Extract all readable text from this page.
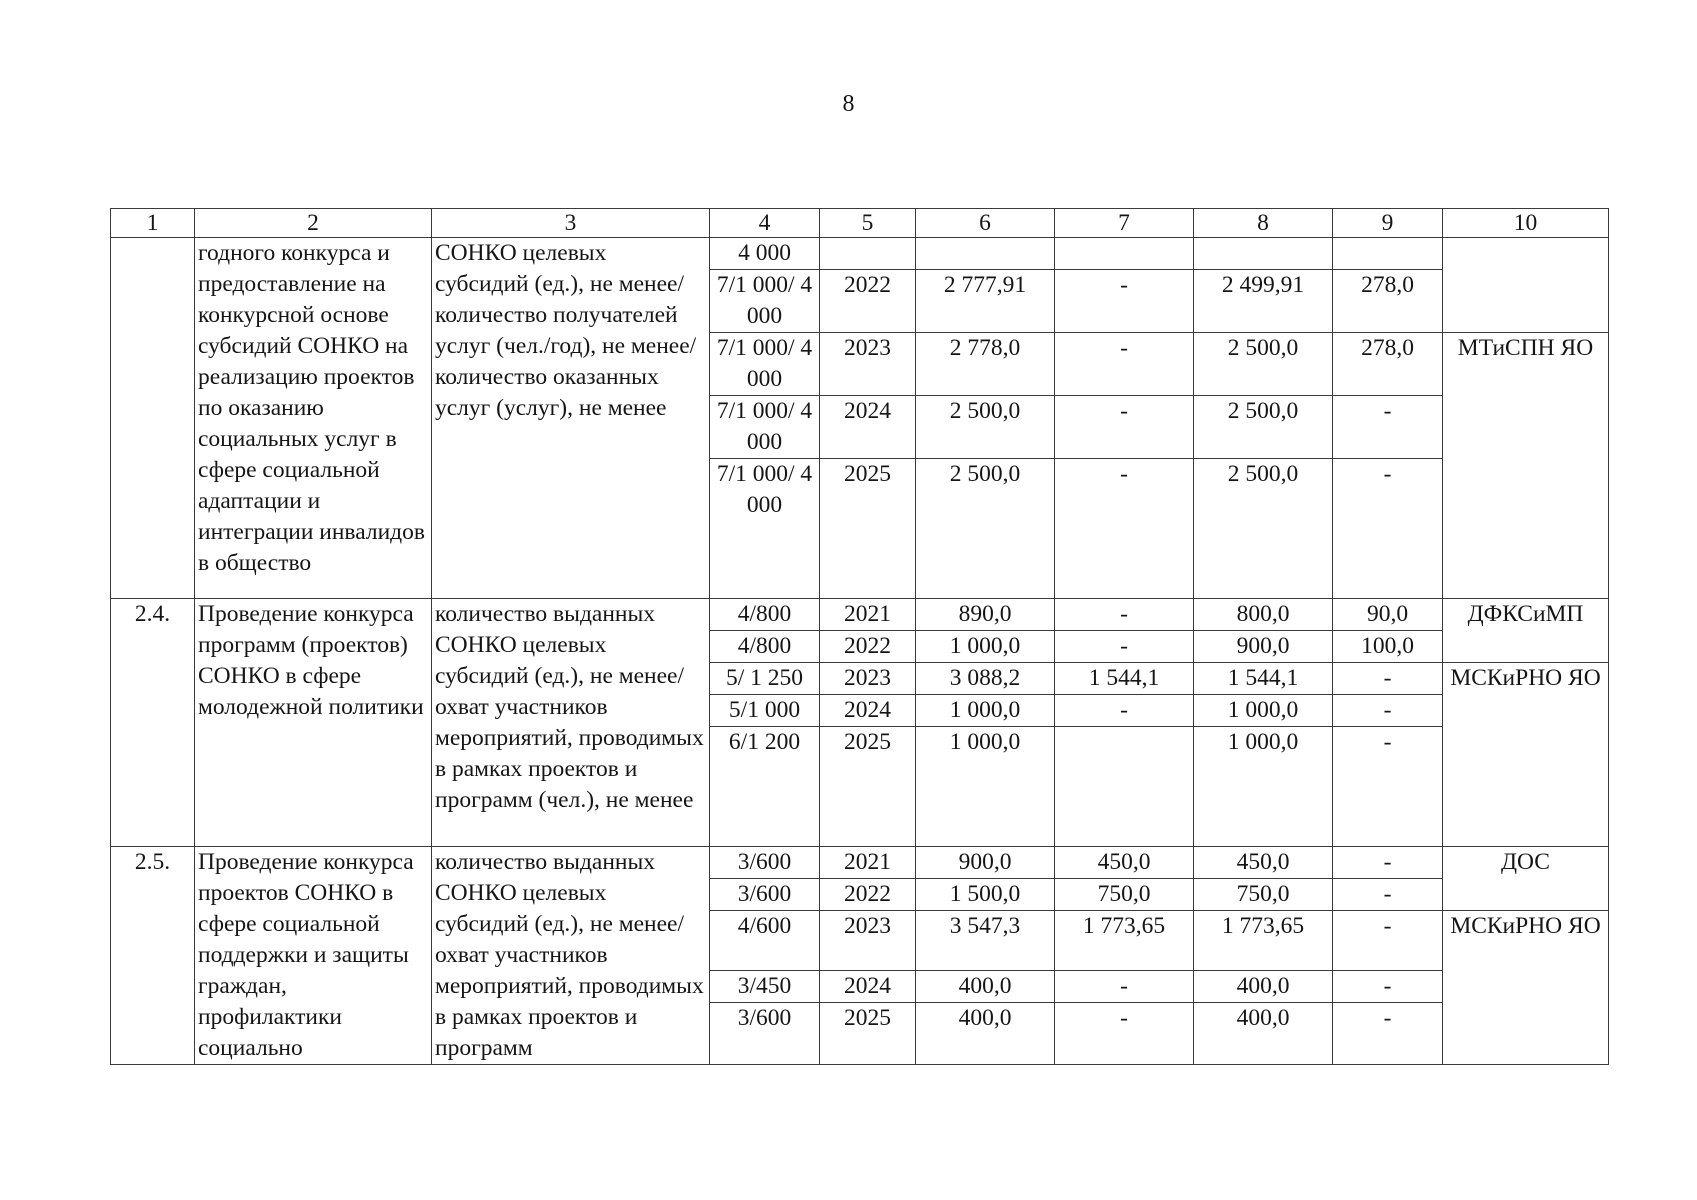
8
1	2	3	4	5	6	7	8	9	10
	годного конкурса и предоставление на конкурсной основе субсидий СОНКО на реализацию проектов по оказанию социальных услуг в сфере социальной адаптации и интеграции инвалидов в общество	СОНКО целевых субсидий (ед.), не менее/ количество получателей услуг (чел./год), не менее/ количество оказанных услуг (услуг), не менее	4 000						
			7/1 000/ 4 000	2022	2 777,91	-	2 499,91	278,0	
			7/1 000/ 4 000	2023	2 778,0	-	2 500,0	278,0	МТиСПН ЯО
			7/1 000/ 4 000	2024	2 500,0	-	2 500,0	-	
			7/1 000/ 4 000	2025	2 500,0	-	2 500,0	-	
2.4.	Проведение конкурса программ (проектов) СОНКО в сфере молодежной политики	количество выданных СОНКО целевых субсидий (ед.), не менее/ охват участников мероприятий, проводимых в рамках проектов и программ (чел.), не менее	4/800	2021	890,0	-	800,0	90,0	ДФКСиМП
			4/800	2022	1 000,0	-	900,0	100,0	
			5/ 1 250	2023	3 088,2	1 544,1	1 544,1	-	МСКиРНО ЯО
			5/1 000	2024	1 000,0	-	1 000,0	-	
			6/1 200	2025	1 000,0		1 000,0	-	
2.5.	Проведение конкурса проектов СОНКО в сфере социальной поддержки и защиты граждан, профилактики социально	количество выданных СОНКО целевых субсидий (ед.), не менее/ охват участников мероприятий, проводимых в рамках проектов и программ	3/600	2021	900,0	450,0	450,0	-	ДОС
			3/600	2022	1 500,0	750,0	750,0	-	
			4/600	2023	3 547,3	1 773,65	1 773,65	-	МСКиРНО ЯО
			3/450	2024	400,0	-	400,0	-	
			3/600	2025	400,0	-	400,0	-	
